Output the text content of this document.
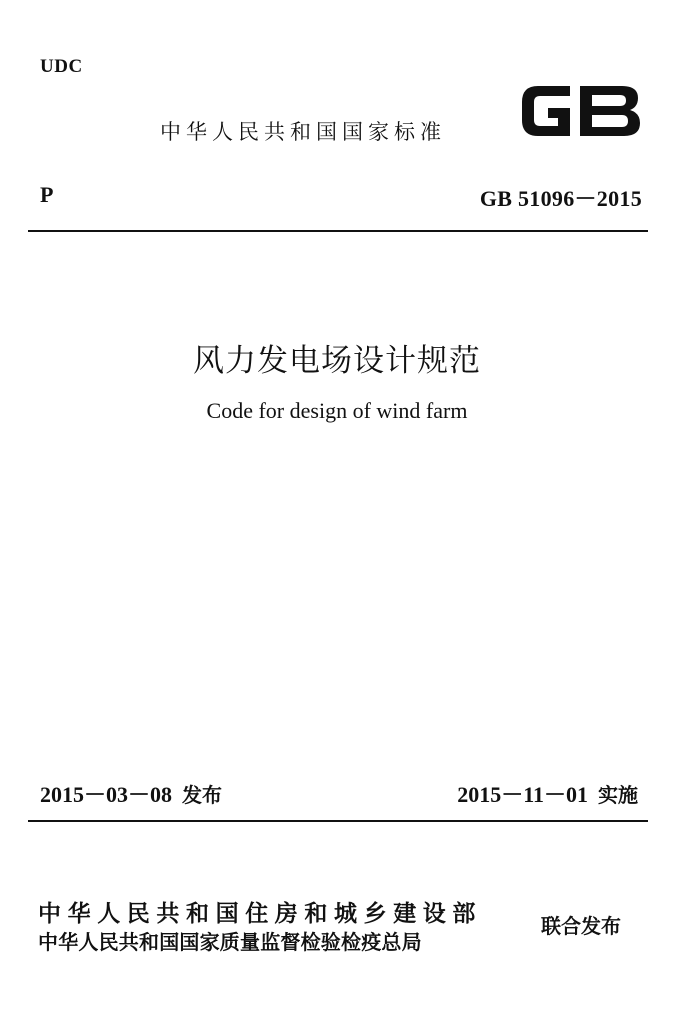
UDC
中华人民共和国国家标准
P	GB 51096－2015
风力发电场设计规范
Code for design of wind farm
2015－03－08 发布	2015－11－01 实施
中华人民共和国住房和城乡建设部
中华人民共和国国家质量监督检验检疫总局
联合发布
